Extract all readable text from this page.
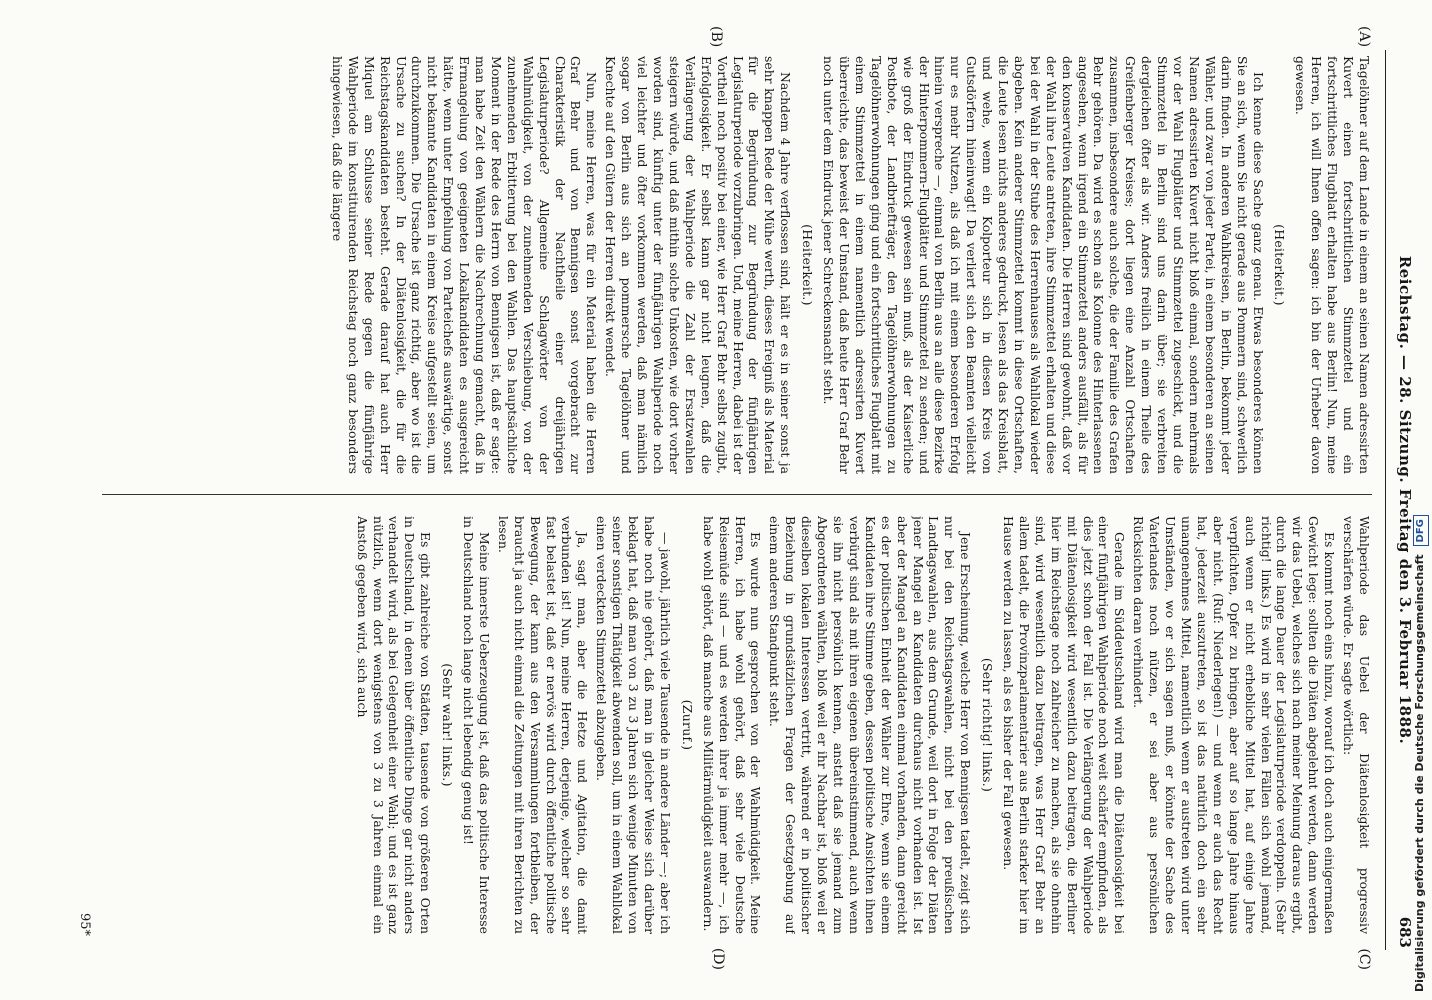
(A)
(B)
(C)
(D)
Reichstag. — 28. Sitzung. Freitag den 3. Februar 1888.
683

Tagelöhner auf dem Lande in einem an seinen Namen adressirten Kuvert einen fortschrittlichen Stimmzettel und ein fortschrittliches Flugblatt erhalten habe aus Berlin! Nun, meine Herren, ich will Ihnen offen sagen: ich bin der Urheber davon gewesen.

(Heiterkeit.)

Ich kenne diese Sache ganz genau. Etwas besonderes können Sie an sich, wenn Sie nicht gerade aus Pommern sind, schwerlich darin finden. In anderen Wahlkreisen, in Berlin, bekommt jeder Wähler, und zwar von jeder Partei, in einem besonderen an seinen Namen adressirten Kuvert nicht bloß einmal, sondern mehrmals vor der Wahl Flugblätter und Stimmzettel zugeschickt, und die Stimmzettel in Berlin sind uns darin über; sie verbreiten dergleichen öfter als wir. Anders freilich in einem Theile des Greifenberger Kreises; dort liegen eine Anzahl Ortschaften zusammen, insbesondere auch solche, die der Familie des Grafen Behr gehören. Da wird es schon als Kolonne des Hinterlassenen angesehen, wenn irgend ein Stimmzettel anders ausfällt, als für den konservativen Kandidaten. Die Herren sind gewohnt, daß vor der Wahl ihre Leute antreten, ihre Stimmzettel erhalten und diese bei der Wahl in der Stube des Herrenhauses als Wahllokal wieder abgeben. Kein anderer Stimmzettel kommt in diese Ortschaften, die Leute lesen nichts anderes gedruckt, lesen als das Kreisblatt, und wehe, wenn ein Kolporteur sich in diesen Kreis von Gutsdörfern hineinwagt! Da verliert sich den Beamten vielleicht nur es mehr Nutzen, als daß ich mit einem besonderen Erfolg hinein verspreche —, einmal von Berlin aus an alle diese Bezirke der Hinterpommern-Flugblätter und Stimmzettel zu senden; und wie groß der Eindruck gewesen sein muß, als der Kaiserliche Postbote, der Landbriefträger, den Tagelöhnerwohnungen zu Tagelöhnerwohnungen ging und ein fortschrittliches Flugblatt mit einem Stimmzettel in einem namentlich adressirten Kuvert überreichte, das beweist der Umstand, daß heute Herr Graf Behr noch unter dem Eindruck jener Schreckensnacht steht.

(Heiterkeit.)

Nachdem 4 Jahre verflossen sind, hält er es in seiner sonst ja sehr knappen Rede der Mühe werth, dieses Ereigniß als Material für die Begründung zur Begründung der fünfjährigen Legislaturperiode vorzubringen. Und, meine Herren, dabei ist der Vortheil noch positiv bei einer, wie Herr Graf Behr selbst zugibt, Erfolglosigkeit. Er selbst kann gar nicht leugnen, daß die Verlängerung der Wahlperiode die Zahl der Ersatzwahlen steigern würde, und daß mithin solche Unkosten, wie dort vorher worden sind, künftig unter der fünfjährigen Wahlperiode noch viel leichter und öfter vorkommen werden, daß man nämlich sogar von Berlin aus sich an pommersche Tagelöhner und Knechte auf den Gütern der Herren direkt wendet.

Nun, meine Herren, was für ein Material haben die Herren Graf Behr und von Bennigsen sonst vorgebracht zur Charakteristik der Nachtheile einer dreijährigen Legislaturperiode? Allgemeine Schlagwörter von der Wahlmüdigkeit, von der zunehmenden Verschiebung, von der zunehmenden Erbitterung bei den Wahlen. Das hauptsächliche Moment in der Rede des Herrn von Bennigsen ist, daß er sagte: man habe Zeit den Wählern die Nachrechnung gemacht, daß in Ermangelung von geeigneten Lokalkandidaten es ausgereicht hätte, wenn unter Empfehlung von Parteichefs auswärtige, sonst nicht bekannte Kandidaten in einem Kreise aufgestellt seien, um durchzukommen. Die Ursache ist ganz richtig, aber wo ist die Ursache zu suchen? In der Diätenlosigkeit, die für die Reichstagskandidaten besteht. Gerade darauf hat auch Herr Miquel am Schlusse seiner Rede gegen die fünfjährige Wahlperiode im konstituirenden Reichstag noch ganz besonders hingewiesen, daß die längere

Wahlperiode das Uebel der Diätenlosigkeit progressiv verschärfen würde. Er sagte wörtlich:

Es kommt noch eins hinzu, worauf ich doch auch einigermaßen Gewicht lege: sollten die Diäten abgelehnt werden, dann werden wir das Uebel, welches sich nach meiner Meinung daraus ergibt, durch die lange Dauer der Legislaturperiode verdoppeln. (Sehr richtig! links.) Es wird in sehr vielen Fällen sich wohl jemand, auch wenn er nicht erhebliche Mittel hat, auf einige Jahre verpflichten, Opfer zu bringen, aber auf so lange Jahre hinaus aber nicht. (Ruf: Niederlegen!) — und wenn er auch das Recht hat, jederzeit auszutreten, so ist das natürlich doch ein sehr unangenehmes Mittel, namentlich wenn er austreten wird unter Umständen, wo er sich sagen muß, er könnte der Sache des Vaterlandes noch nützen, er sei aber aus persönlichen Rücksichten daran verhindert.

Gerade im Süddeutschland wird man die Diätenlosigkeit bei einer fünfjährigen Wahlperiode noch weit schärfer empfinden, als dies jetzt schon der Fall ist. Die Verlängerung der Wahlperiode mit Diätenlosigkeit wird wesentlich dazu beitragen, die Berliner hier im Reichstage noch zahlreicher zu machen, als sie ohnehin sind, wird wesentlich dazu beitragen, was Herr Graf Behr an allem tadelt, die Provinzparlamentarier aus Berlin starker hier im Hause werden zu lassen, als es bisher der Fall gewesen.

(Sehr richtig! links.)

Jene Erscheinung, welche Herr von Bennigsen tadelt, zeigt sich nur bei den Reichstagswahlen, nicht bei den preußischen Landtagswahlen, aus dem Grunde, weil dort in Folge der Diäten jener Mangel an Kandidaten durchaus nicht vorhanden ist. Ist aber der Mangel an Kandidaten einmal vorhanden, dann gereicht es der politischen Einheit der Wähler zur Ehre, wenn sie einem Kandidaten ihre Stimme geben, dessen politische Ansichten ihnen verbürgt sind als mit ihren eigenen übereinstimmend, auch wenn sie ihn nicht persönlich kennen, anstatt daß sie jemand zum Abgeordneten wählten, bloß weil er ihr Nachbar ist, bloß weil er dieselben lokalen Interessen vertritt, während er in politischer Beziehung in grundsätzlichen Fragen der Gesetzgebung auf einem anderen Standpunkt steht.

Es wurde nun gesprochen von der Wahlmüdigkeit. Meine Herren, ich habe wohl gehört, daß sehr viele Deutsche Reisemüde sind — und es werden ihrer ja immer mehr —, ich habe wohl gehört, daß manche aus Militärmüdigkeit auswandern.

(Zuruf.)

— jawohl, jährlich viele Tausende in andere Länder —; aber ich habe noch nie gehört, daß man in gleicher Weise sich darüber beklagt hat, daß man von 3 zu 3 Jahren sich wenige Minuten von seiner sonstigen Thätigkeit abwenden soll, um in einem Wahllokal einen verdeckten Stimmzettel abzugeben.

Ja, sagt man, aber die Hetze und Agitation, die damit verbunden ist! Nun, meine Herren, derjenige, welcher so sehr fast belastet ist, daß er nervös wird durch öffentliche politische Bewegung, der kann aus den Versammlungen fortbleiben, der braucht ja auch nicht einmal die Zeitungen mit ihren Berichten zu lesen.

Meine innerste Ueberzeugung ist, daß das politische Interesse in Deutschland noch lange nicht lebendig genug ist!

(Sehr wahr! links.)

Es gibt zahlreiche von Städten, tausende von größeren Orten in Deutschland, in denen über öffentliche Dinge gar nicht anders verhandelt wird, als bei Gelegenheit einer Wahl; und es ist ganz nützlich, wenn dort wenigstens von 3 zu 3 Jahren einmal ein Anstoß gegeben wird, sich auch

95*	Digitalisierung gefördert durch die Deutsche Forschungsgemeinschaft DFG
